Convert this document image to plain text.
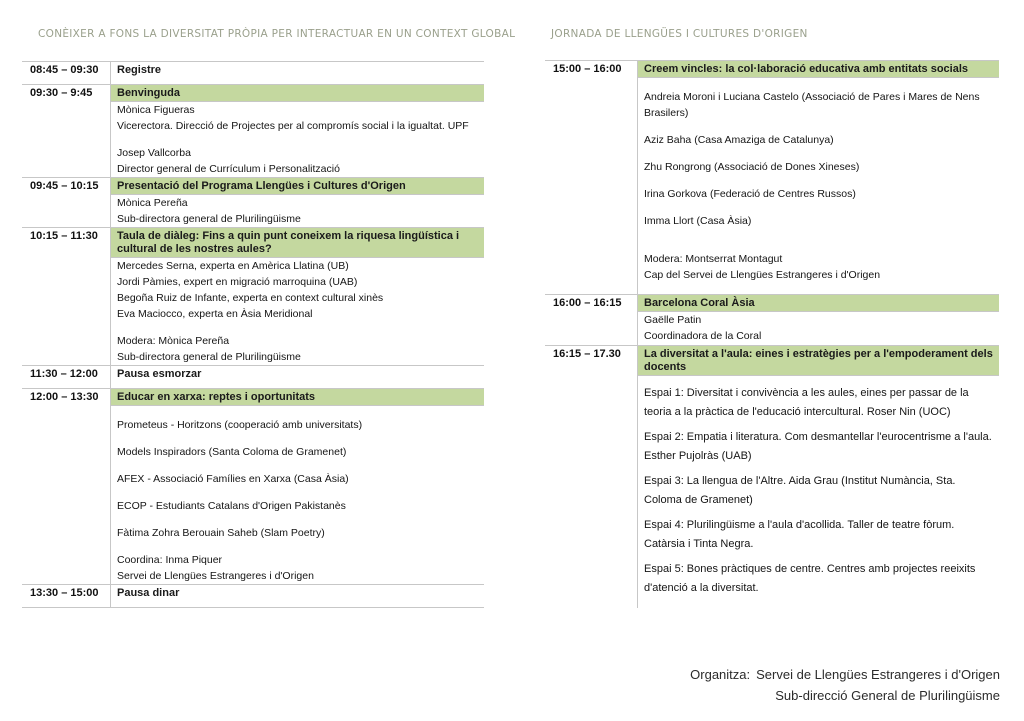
CONÈIXER A FONS LA DIVERSITAT PRÒPIA PER INTERACTUAR EN UN CONTEXT GLOBAL	JORNADA DE LLENGÜES I CULTURES D'ORIGEN
08:45 – 09:30	Registre
09:30 – 9:45	Benvinguda
Mònica Figueras
Vicerectora. Direcció de Projectes per al compromís social i la igualtat. UPF
Josep Vallcorba
Director general de Currículum i Personalització
09:45 – 10:15	Presentació del Programa Llengües i Cultures d'Origen
Mònica Pereña
Sub-directora general de Plurilingüisme
10:15 – 11:30	Taula de diàleg: Fins a quin punt coneixem la riquesa lingüística i cultural de les nostres aules?
Mercedes Serna, experta en Amèrica Llatina (UB)
Jordi Pàmies, expert en migració marroquina (UAB)
Begoña Ruiz de Infante, experta en context cultural xinès
Eva Maciocco, experta en Àsia Meridional
Modera: Mònica Pereña
Sub-directora general de Plurilingüisme
11:30 – 12:00	Pausa esmorzar
12:00 – 13:30	Educar en xarxa: reptes i oportunitats
Prometeus - Horitzons (cooperació amb universitats)
Models Inspiradors (Santa Coloma de Gramenet)
AFEX - Associació Famílies en Xarxa (Casa Àsia)
ECOP - Estudiants Catalans d'Origen Pakistanès
Fàtima Zohra Berouain Saheb (Slam Poetry)
Coordina: Inma Piquer
Servei de Llengües Estrangeres i d'Origen
13:30 – 15:00	Pausa dinar
15:00 – 16:00	Creem vincles: la col·laboració educativa amb entitats socials
Andreia Moroni i Luciana Castelo (Associació de Pares i Mares de Nens Brasilers)
Aziz Baha (Casa Amaziga de Catalunya)
Zhu Rongrong (Associació de Dones Xineses)
Irina Gorkova (Federació de Centres Russos)
Imma Llort (Casa Àsia)
Modera: Montserrat Montagut
Cap del Servei de Llengües Estrangeres i d'Origen
16:00 – 16:15	Barcelona Coral Àsia
Gaëlle Patin
Coordinadora de la Coral
16:15 – 17.30	La diversitat a l'aula: eines i estratègies per a l'empoderament dels docents
Espai 1: Diversitat i convivència a les aules, eines per passar de la teoria a la pràctica de l'educació intercultural. Roser Nin (UOC)
Espai 2: Empatia i literatura. Com desmantellar l'eurocentrisme a l'aula. Esther Pujolràs (UAB)
Espai 3: La llengua de l'Altre. Aida Grau (Institut Numància, Sta. Coloma de Gramenet)
Espai 4: Plurilingüisme a l'aula d'acollida. Taller de teatre fòrum. Catàrsia i Tinta Negra.
Espai 5: Bones pràctiques de centre. Centres amb projectes reeixits d'atenció a la diversitat.
Organitza: Servei de Llengües Estrangeres i d'Origen
Sub-direcció General de Plurilingüisme
